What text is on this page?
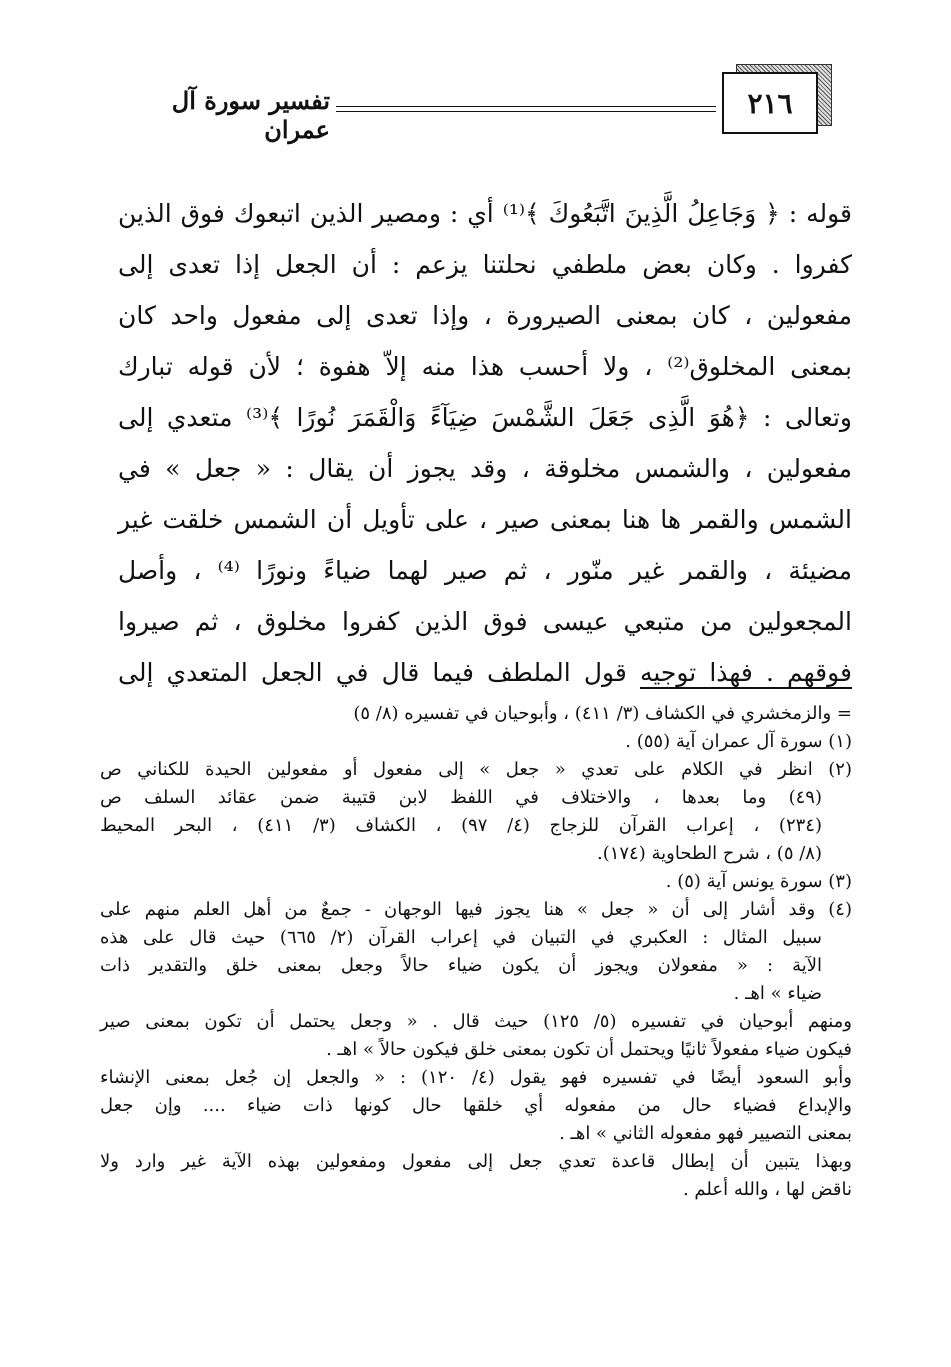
٢١٦
تفسير سورة آل عمران
قوله : ﴿ وَجَاعِلُ الَّذِينَ اتَّبَعُوكَ ﴾⁽¹⁾ أي : ومصير الذين اتبعوك فوق الذين
كفروا . وكان بعض ملطفي نحلتنا يزعم : أن الجعل إذا تعدى إلى
مفعولين ، كان بمعنى الصيرورة ، وإذا تعدى إلى مفعول واحد كان
بمعنى المخلوق⁽²⁾ ، ولا أحسب هذا منه إلاّ هفوة ؛ لأن قوله تبارك
وتعالى : ﴿هُوَ الَّذِى جَعَلَ الشَّمْسَ ضِيَآءً وَالْقَمَرَ نُورًا ﴾⁽³⁾ متعدي إلى
مفعولين ، والشمس مخلوقة ، وقد يجوز أن يقال : « جعل » في
الشمس والقمر ها هنا بمعنى صير ، على تأويل أن الشمس خلقت غير
مضيئة ، والقمر غير منّور ، ثم صير لهما ضياءً ونورًا ⁽⁴⁾ ، وأصل
المجعولين من متبعي عيسى فوق الذين كفروا مخلوق ، ثم صيروا
فوقهم . فهذا توجيه قول الملطف فيما قال في الجعل المتعدي إلى
= والزمخشري في الكشاف (٣/ ٤١١) ، وأبوحيان في تفسيره (٨/ ٥)
(١) سورة آل عمران آية (٥٥) .
(٢) انظر في الكلام على تعدي « جعل » إلى مفعول أو مفعولين الحيدة للكناني ص
(٤٩) وما بعدها ، والاختلاف في اللفظ لابن قتيبة ضمن عقائد السلف ص
(٢٣٤) ، إعراب القرآن للزجاج (٤/ ٩٧) ، الكشاف (٣/ ٤١١) ، البحر المحيط
(٨/ ٥) ، شرح الطحاوية (١٧٤).
(٣) سورة يونس آية (٥) .
(٤) وقد أشار إلى أن « جعل » هنا يجوز فيها الوجهان - جمعٌ من أهل العلم منهم على
سبيل المثال : العكبري في التبيان في إعراب القرآن (٢/ ٦٦٥) حيث قال على هذه
الآية : « مفعولان ويجوز أن يكون ضياء حالاً وجعل بمعنى خلق والتقدير ذات
ضياء » اهـ .
ومنهم أبوحيان في تفسيره (٥/ ١٢٥) حيث قال . « وجعل يحتمل أن تكون بمعنى صير
فيكون ضياء مفعولاً ثانيًا ويحتمل أن تكون بمعنى خلق فيكون حالاً » اهـ .
وأبو السعود أيضًا في تفسيره فهو يقول (٤/ ١٢٠) : « والجعل إن جُعل بمعنى الإنشاء
والإبداع فضياء حال من مفعوله أي خلقها حال كونها ذات ضياء .... وإن جعل
بمعنى التصيير فهو مفعوله الثاني » اهـ .
وبهذا يتبين أن إبطال قاعدة تعدي جعل إلى مفعول ومفعولين بهذه الآية غير وارد ولا
ناقض لها ، والله أعلم .
